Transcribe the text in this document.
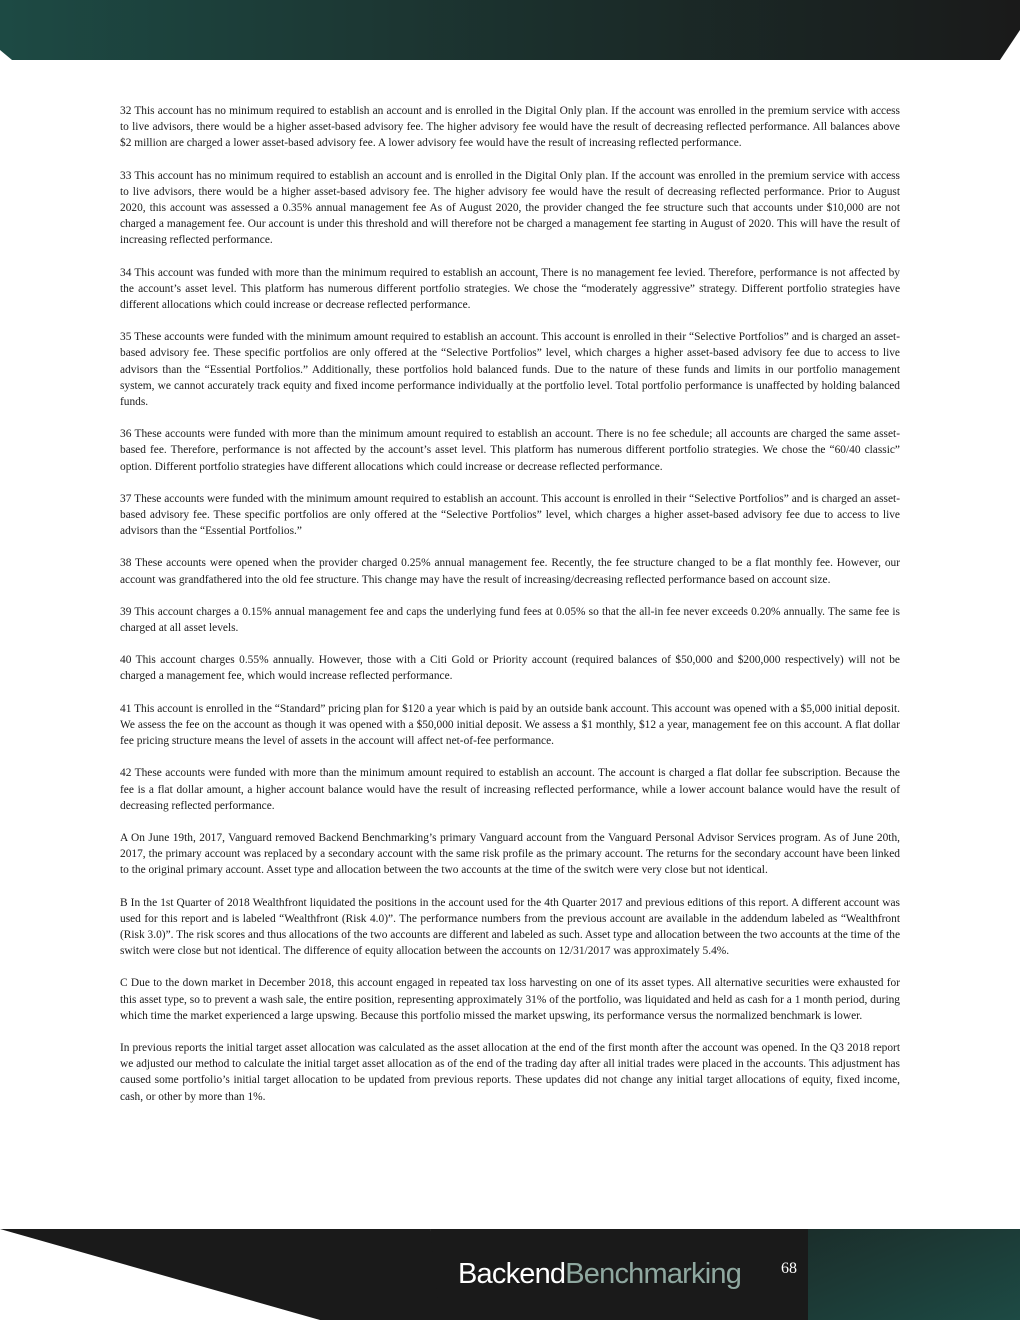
32 This account has no minimum required to establish an account and is enrolled in the Digital Only plan. If the account was enrolled in the premium service with access to live advisors, there would be a higher asset-based advisory fee. The higher advisory fee would have the result of decreasing reflected performance. All balances above $2 million are charged a lower asset-based advisory fee. A lower advisory fee would have the result of increasing reflected performance.

33 This account has no minimum required to establish an account and is enrolled in the Digital Only plan. If the account was enrolled in the premium service with access to live advisors, there would be a higher asset-based advisory fee. The higher advisory fee would have the result of decreasing reflected performance. Prior to August 2020, this account was assessed a 0.35% annual management fee As of August 2020, the provider changed the fee structure such that accounts under $10,000 are not charged a management fee. Our account is under this threshold and will therefore not be charged a management fee starting in August of 2020. This will have the result of increasing reflected performance.

34 This account was funded with more than the minimum required to establish an account, There is no management fee levied. Therefore, performance is not affected by the account’s asset level. This platform has numerous different portfolio strategies. We chose the “moderately aggressive” strategy. Different portfolio strategies have different allocations which could increase or decrease reflected performance.

35 These accounts were funded with the minimum amount required to establish an account. This account is enrolled in their “Selective Portfolios” and is charged an asset-based advisory fee. These specific portfolios are only offered at the “Selective Portfolios” level, which charges a higher asset-based advisory fee due to access to live advisors than the “Essential Portfolios.” Additionally, these portfolios hold balanced funds. Due to the nature of these funds and limits in our portfolio management system, we cannot accurately track equity and fixed income performance individually at the portfolio level. Total portfolio performance is unaffected by holding balanced funds.

36 These accounts were funded with more than the minimum amount required to establish an account. There is no fee schedule; all accounts are charged the same asset-based fee. Therefore, performance is not affected by the account’s asset level. This platform has numerous different portfolio strategies. We chose the “60/40 classic” option. Different portfolio strategies have different allocations which could increase or decrease reflected performance.

37 These accounts were funded with the minimum amount required to establish an account. This account is enrolled in their “Selective Portfolios” and is charged an asset-based advisory fee. These specific portfolios are only offered at the “Selective Portfolios” level, which charges a higher asset-based advisory fee due to access to live advisors than the “Essential Portfolios.”

38 These accounts were opened when the provider charged 0.25% annual management fee. Recently, the fee structure changed to be a flat monthly fee. However, our account was grandfathered into the old fee structure. This change may have the result of increasing/decreasing reflected performance based on account size.

39 This account charges a 0.15% annual management fee and caps the underlying fund fees at 0.05% so that the all-in fee never exceeds 0.20% annually. The same fee is charged at all asset levels.

40 This account charges 0.55% annually. However, those with a Citi Gold or Priority account (required balances of $50,000 and $200,000 respectively) will not be charged a management fee, which would increase reflected performance.

41 This account is enrolled in the “Standard” pricing plan for $120 a year which is paid by an outside bank account. This account was opened with a $5,000 initial deposit. We assess the fee on the account as though it was opened with a $50,000 initial deposit. We assess a $1 monthly, $12 a year, management fee on this account. A flat dollar fee pricing structure means the level of assets in the account will affect net-of-fee performance.

42 These accounts were funded with more than the minimum amount required to establish an account. The account is charged a flat dollar fee subscription. Because the fee is a flat dollar amount, a higher account balance would have the result of increasing reflected performance, while a lower account balance would have the result of decreasing reflected performance.

A On June 19th, 2017, Vanguard removed Backend Benchmarking’s primary Vanguard account from the Vanguard Personal Advisor Services program. As of June 20th, 2017, the primary account was replaced by a secondary account with the same risk profile as the primary account. The returns for the secondary account have been linked to the original primary account. Asset type and allocation between the two accounts at the time of the switch were very close but not identical.

B In the 1st Quarter of 2018 Wealthfront liquidated the positions in the account used for the 4th Quarter 2017 and previous editions of this report. A different account was used for this report and is labeled “Wealthfront (Risk 4.0)”. The performance numbers from the previous account are available in the addendum labeled as “Wealthfront (Risk 3.0)”. The risk scores and thus allocations of the two accounts are different and labeled as such. Asset type and allocation between the two accounts at the time of the switch were close but not identical. The difference of equity allocation between the accounts on 12/31/2017 was approximately 5.4%.

C Due to the down market in December 2018, this account engaged in repeated tax loss harvesting on one of its asset types. All alternative securities were exhausted for this asset type, so to prevent a wash sale, the entire position, representing approximately 31% of the portfolio, was liquidated and held as cash for a 1 month period, during which time the market experienced a large upswing. Because this portfolio missed the market upswing, its performance versus the normalized benchmark is lower.

In previous reports the initial target asset allocation was calculated as the asset allocation at the end of the first month after the account was opened. In the Q3 2018 report we adjusted our method to calculate the initial target asset allocation as of the end of the trading day after all initial trades were placed in the accounts. This adjustment has caused some portfolio’s initial target allocation to be updated from previous reports. These updates did not change any initial target allocations of equity, fixed income, cash, or other by more than 1%.

BackendBenchmarking	68
